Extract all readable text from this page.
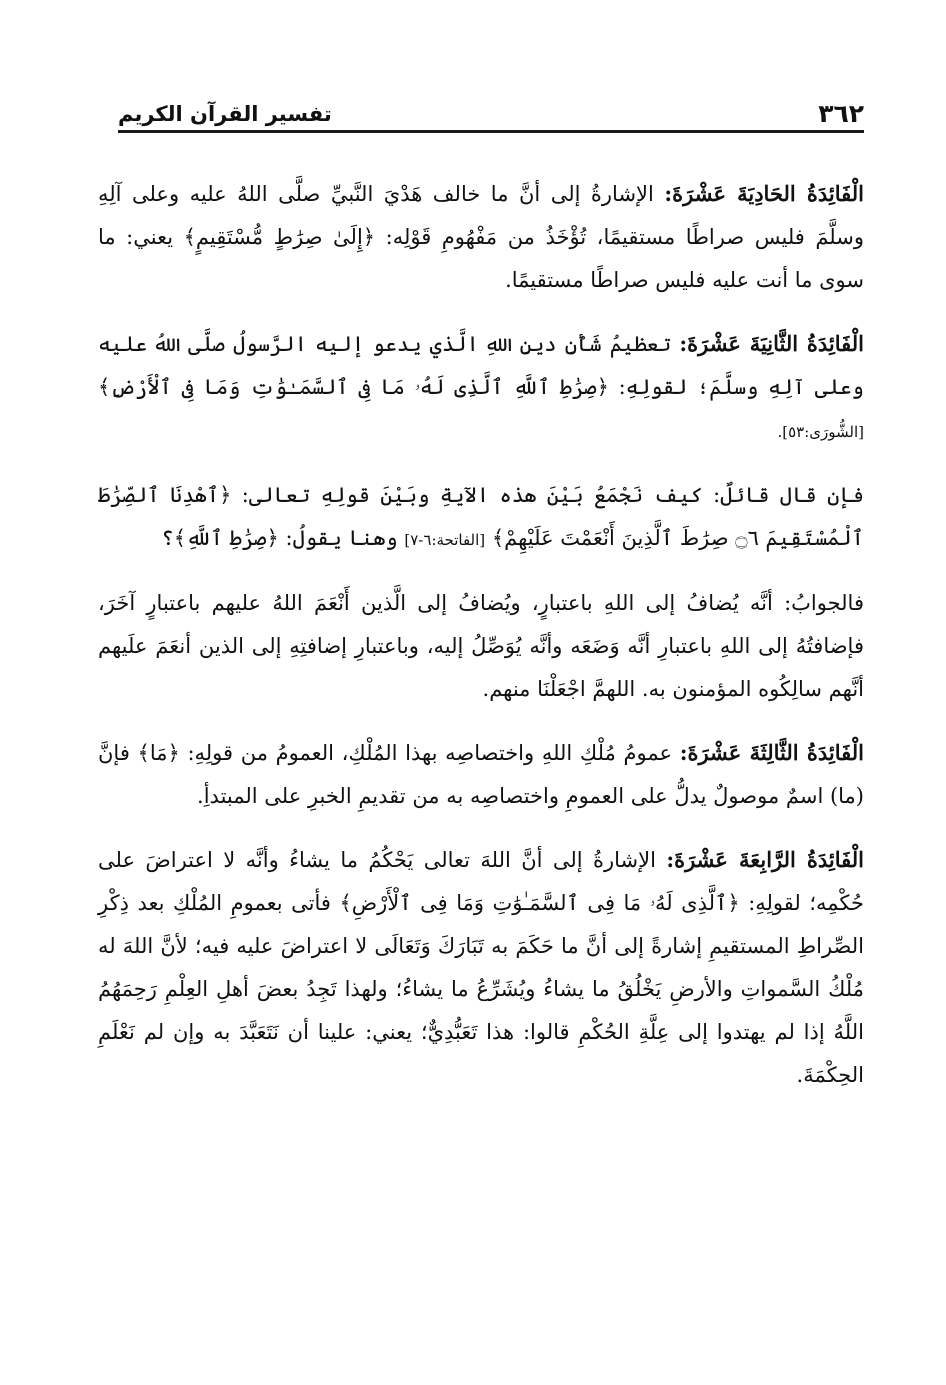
٣٦٢
تفسير القرآن الكريم

الْفَائِدَةُ الحَادِيَةَ عَشْرَةَ: الإشارةُ إلى أنَّ ما خالف هَدْيَ النَّبيِّ صلَّى اللهُ عليه وعلى آلِهِ وسلَّمَ فليس صراطًا مستقيمًا، تُؤْخَذُ من مَفْهُومِ قَوْلِه: ﴿إِلَىٰ صِرَٰطٍ مُّسْتَقِيمٍ﴾ يعني: ما سوى ما أنت عليه فليس صراطًا مستقيمًا.

الْفَائِدَةُ الثَّانِيَةَ عَشْرَةَ: تعظيمُ شَأْنِ دينِ اللهِ الَّذي يدعو إليه الرَّسولُ صلَّى اللهُ عليه وعلى آلِهِ وسلَّمَ؛ لقولِهِ: ﴿صِرَٰطِ ٱللَّهِ ٱلَّذِى لَهُۥ مَا فِى ٱلسَّمَـٰوَٰتِ وَمَا فِى ٱلْأَرْضِ﴾ [الشُّورَى:٥٣].

فإن قال قائلٌ: كيف نَجْمَعُ بَيْنَ هذه الآيةِ وبَيْنَ قولِهِ تعالى: ﴿ٱهْدِنَا ٱلصِّرَٰطَ ٱلْمُسْتَقِيمَ ۝٦ صِرَٰطَ ٱلَّذِينَ أَنْعَمْتَ عَلَيْهِمْ﴾ [الفاتحة:٦-٧] وهنا يقولُ: ﴿صِرَٰطِ ٱللَّهِ﴾؟

فالجوابُ: أنَّه يُضافُ إلى اللهِ باعتبارٍ، ويُضافُ إلى الَّذين أَنْعَمَ اللهُ عليهم باعتبارٍ آخَرَ، فإضافتُهُ إلى اللهِ باعتبارِ أنَّه وَضَعَه وأنَّه يُوَصِّلُ إليه، وباعتبارِ إضافتِهِ إلى الذين أنعَمَ علَيهم أنَّهم سالِكُوه المؤمنون به. اللهمَّ اجْعَلْنَا منهم.

الْفَائِدَةُ الثَّالِثَةَ عَشْرَةَ: عمومُ مُلْكِ اللهِ واختصاصِه بهذا المُلْكِ، العمومُ من قولِهِ: ﴿مَا﴾ فإنَّ (ما) اسمٌ موصولٌ يدلُّ على العمومِ واختصاصِه به من تقديمِ الخبرِ على المبتدأِ.

الْفَائِدَةُ الرَّابِعَةَ عَشْرَةَ: الإشارةُ إلى أنَّ اللهَ تعالى يَحْكُمُ ما يشاءُ وأنَّه لا اعتراضَ على حُكْمِه؛ لقولِهِ: ﴿ٱلَّذِى لَهُۥ مَا فِى ٱلسَّمَـٰوَٰتِ وَمَا فِى ٱلْأَرْضِ﴾ فأتى بعمومِ المُلْكِ بعد ذِكْرِ الصِّراطِ المستقيمِ إشارةً إلى أنَّ ما حَكَمَ به تَبَارَكَ وَتَعَالَى لا اعتراضَ عليه فيه؛ لأنَّ اللهَ له مُلْكُ السَّمواتِ والأرضِ يَخْلُقُ ما يشاءُ ويُشَرِّعُ ما يشاءُ؛ ولهذا تَجِدُ بعضَ أهلِ العِلْمِ رَحِمَهُمُ اللَّهُ إذا لم يهتدوا إلى عِلَّةِ الحُكْمِ قالوا: هذا تَعَبُّدِيٌّ؛ يعني: علينا أن نَتَعَبَّدَ به وإن لم نَعْلَمِ الحِكْمَةَ.
